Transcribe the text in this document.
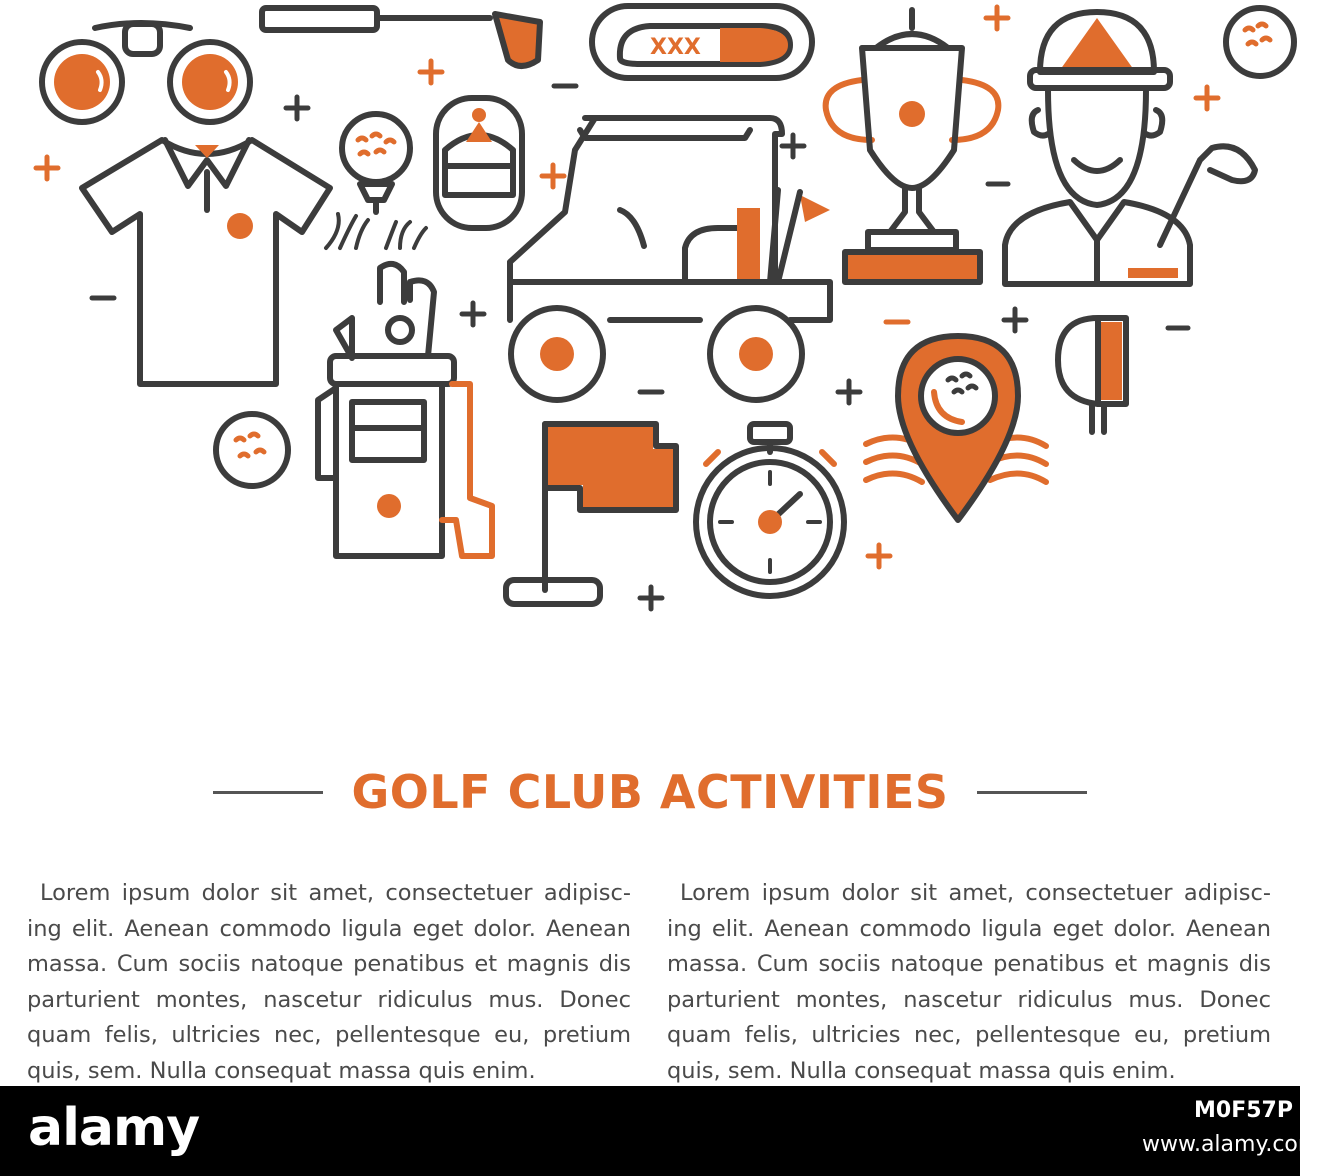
XXX
GOLF CLUB ACTIVITIES

Lorem ipsum dolor sit amet, consectetuer adipisc-ing elit. Aenean commodo ligula eget dolor. Aenean massa. Cum sociis natoque penatibus et magnis dis parturient montes, nascetur ridiculus mus. Donec quam felis, ultricies nec, pellentesque eu, pretium quis, sem. Nulla consequat massa quis enim.

Lorem ipsum dolor sit amet, consectetuer adipisc-ing elit. Aenean commodo ligula eget dolor. Aenean massa. Cum sociis natoque penatibus et magnis dis parturient montes, nascetur ridiculus mus. Donec quam felis, ultricies nec, pellentesque eu, pretium quis, sem. Nulla consequat massa quis enim.

alamy	M0F57P
www.alamy.com
